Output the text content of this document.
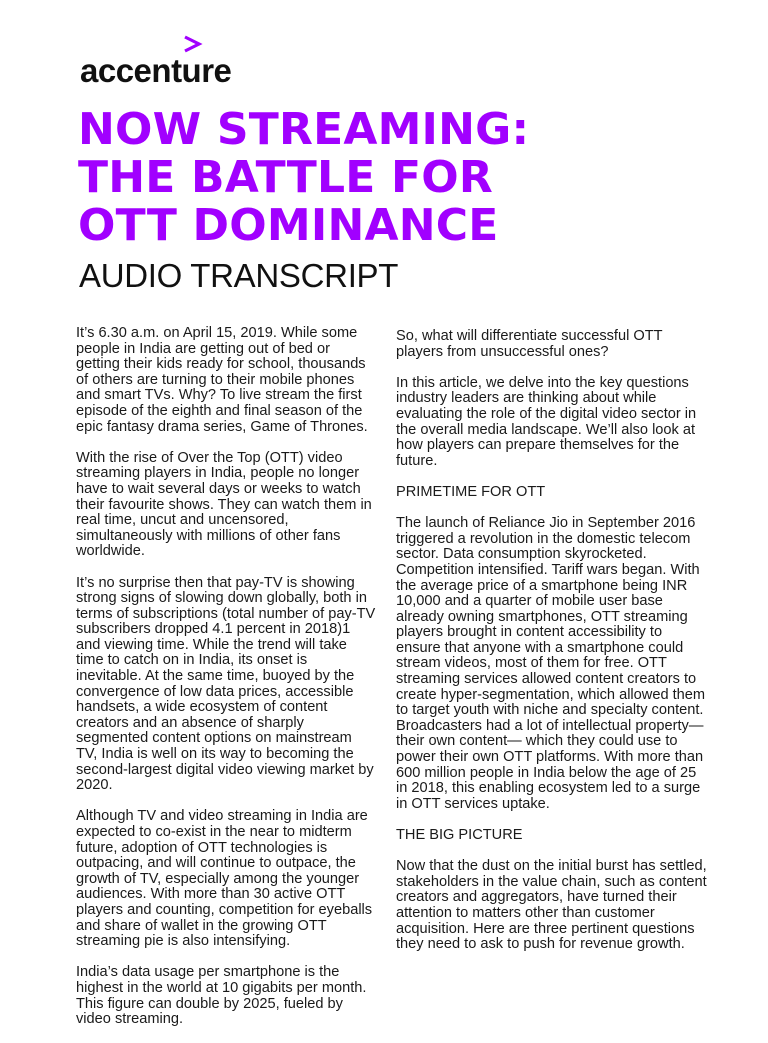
accenture
NOW STREAMING:
THE BATTLE FOR
OTT DOMINANCE
AUDIO TRANSCRIPT

It’s 6.30 a.m. on April 15, 2019. While some people in India are getting out of bed or getting their kids ready for school, thousands of others are turning to their mobile phones and smart TVs. Why? To live stream the first episode of the eighth and final season of the epic fantasy drama series, Game of Thrones.

With the rise of Over the Top (OTT) video streaming players in India, people no longer have to wait several days or weeks to watch their favourite shows. They can watch them in real time, uncut and uncensored, simultaneously with millions of other fans worldwide.

It’s no surprise then that pay-TV is showing strong signs of slowing down globally, both in terms of subscriptions (total number of pay-TV subscribers dropped 4.1 percent in 2018)1 and viewing time. While the trend will take time to catch on in India, its onset is inevitable. At the same time, buoyed by the convergence of low data prices, accessible handsets, a wide ecosystem of content creators and an absence of sharply segmented content options on mainstream TV, India is well on its way to becoming the second-largest digital video viewing market by 2020.

Although TV and video streaming in India are expected to co-exist in the near to midterm future, adoption of OTT technologies is outpacing, and will continue to outpace, the growth of TV, especially among the younger audiences. With more than 30 active OTT players and counting, competition for eyeballs and share of wallet in the growing OTT streaming pie is also intensifying.

India’s data usage per smartphone is the highest in the world at 10 gigabits per month. This figure can double by 2025, fueled by video streaming.

So, what will differentiate successful OTT players from unsuccessful ones?

In this article, we delve into the key questions industry leaders are thinking about while evaluating the role of the digital video sector in the overall media landscape. We’ll also look at how players can prepare themselves for the future.

PRIMETIME FOR OTT

The launch of Reliance Jio in September 2016 triggered a revolution in the domestic telecom sector. Data consumption skyrocketed. Competition intensified. Tariff wars began. With the average price of a smartphone being INR 10,000 and a quarter of mobile user base already owning smartphones, OTT streaming players brought in content accessibility to ensure that anyone with a smartphone could stream videos, most of them for free. OTT streaming services allowed content creators to create hyper-segmentation, which allowed them to target youth with niche and specialty content. Broadcasters had a lot of intellectual property—their own content— which they could use to power their own OTT platforms. With more than 600 million people in India below the age of 25 in 2018, this enabling ecosystem led to a surge in OTT services uptake.

THE BIG PICTURE

Now that the dust on the initial burst has settled, stakeholders in the value chain, such as content creators and aggregators, have turned their attention to matters other than customer acquisition. Here are three pertinent questions they need to ask to push for revenue growth.
